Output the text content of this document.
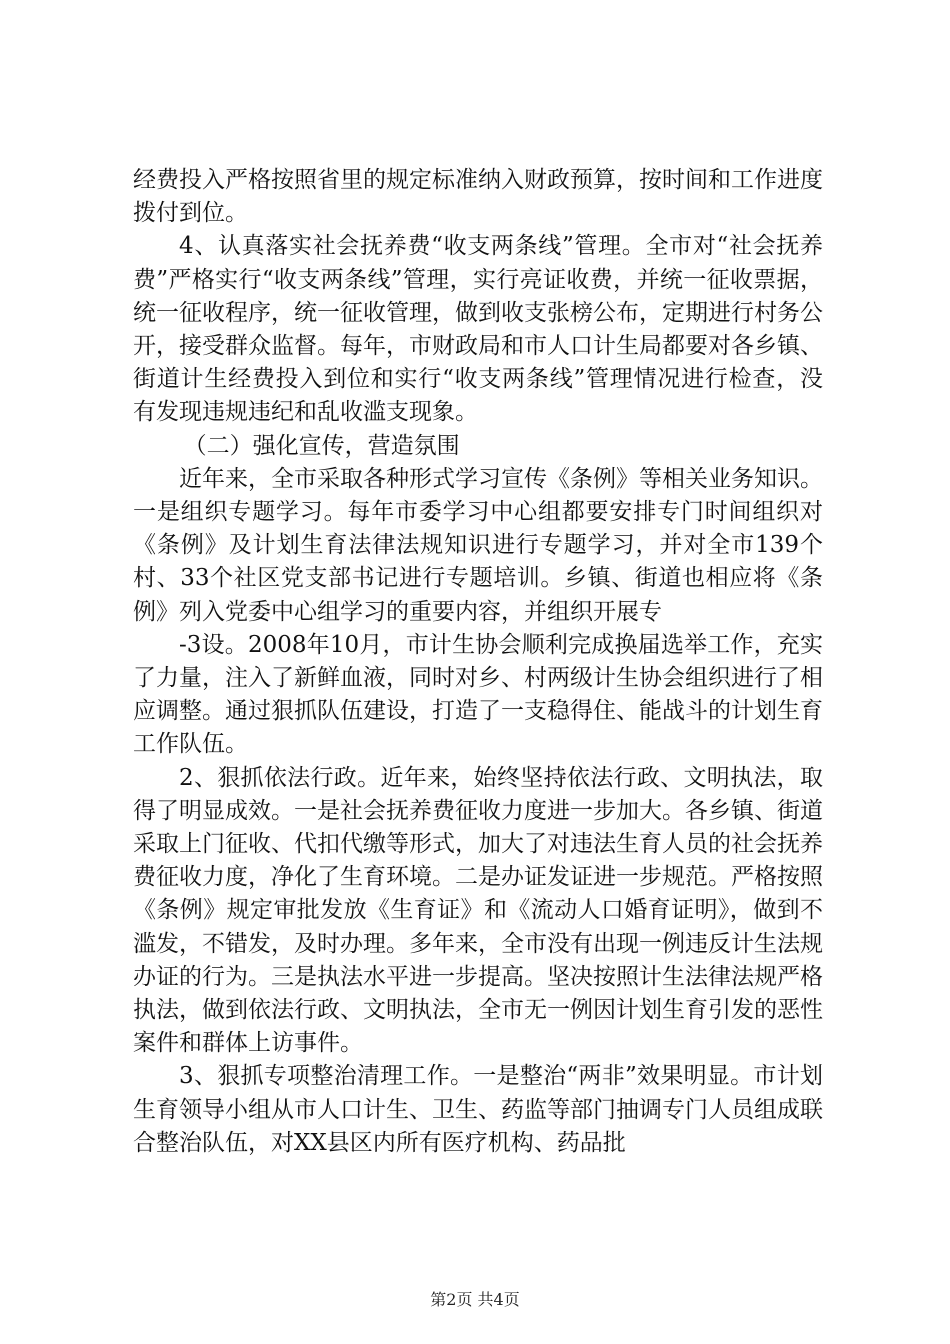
经费投入严格按照省里的规定标准纳入财政预算，按时间和工作进度拨付到位。

4、认真落实社会抚养费“收支两条线”管理。全市对“社会抚养费”严格实行“收支两条线”管理，实行亮证收费，并统一征收票据，统一征收程序，统一征收管理，做到收支张榜公布，定期进行村务公开，接受群众监督。每年，市财政局和市人口计生局都要对各乡镇、街道计生经费投入到位和实行“收支两条线”管理情况进行检查，没有发现违规违纪和乱收滥支现象。

（二）强化宣传，营造氛围

近年来，全市采取各种形式学习宣传《条例》等相关业务知识。一是组织专题学习。每年市委学习中心组都要安排专门时间组织对《条例》及计划生育法律法规知识进行专题学习，并对全市139个村、33个社区党支部书记进行专题培训。乡镇、街道也相应将《条例》列入党委中心组学习的重要内容，并组织开展专

-3设。2008年10月，市计生协会顺利完成换届选举工作，充实了力量，注入了新鲜血液，同时对乡、村两级计生协会组织进行了相应调整。通过狠抓队伍建设，打造了一支稳得住、能战斗的计划生育工作队伍。

2、狠抓依法行政。近年来，始终坚持依法行政、文明执法，取得了明显成效。一是社会抚养费征收力度进一步加大。各乡镇、街道采取上门征收、代扣代缴等形式，加大了对违法生育人员的社会抚养费征收力度，净化了生育环境。二是办证发证进一步规范。严格按照《条例》规定审批发放《生育证》和《流动人口婚育证明》，做到不滥发，不错发，及时办理。多年来，全市没有出现一例违反计生法规办证的行为。三是执法水平进一步提高。坚决按照计生法律法规严格执法，做到依法行政、文明执法，全市无一例因计划生育引发的恶性案件和群体上访事件。

3、狠抓专项整治清理工作。一是整治“两非”效果明显。市计划生育领导小组从市人口计生、卫生、药监等部门抽调专门人员组成联合整治队伍，对XX县区内所有医疗机构、药品批

第2页 共4页
